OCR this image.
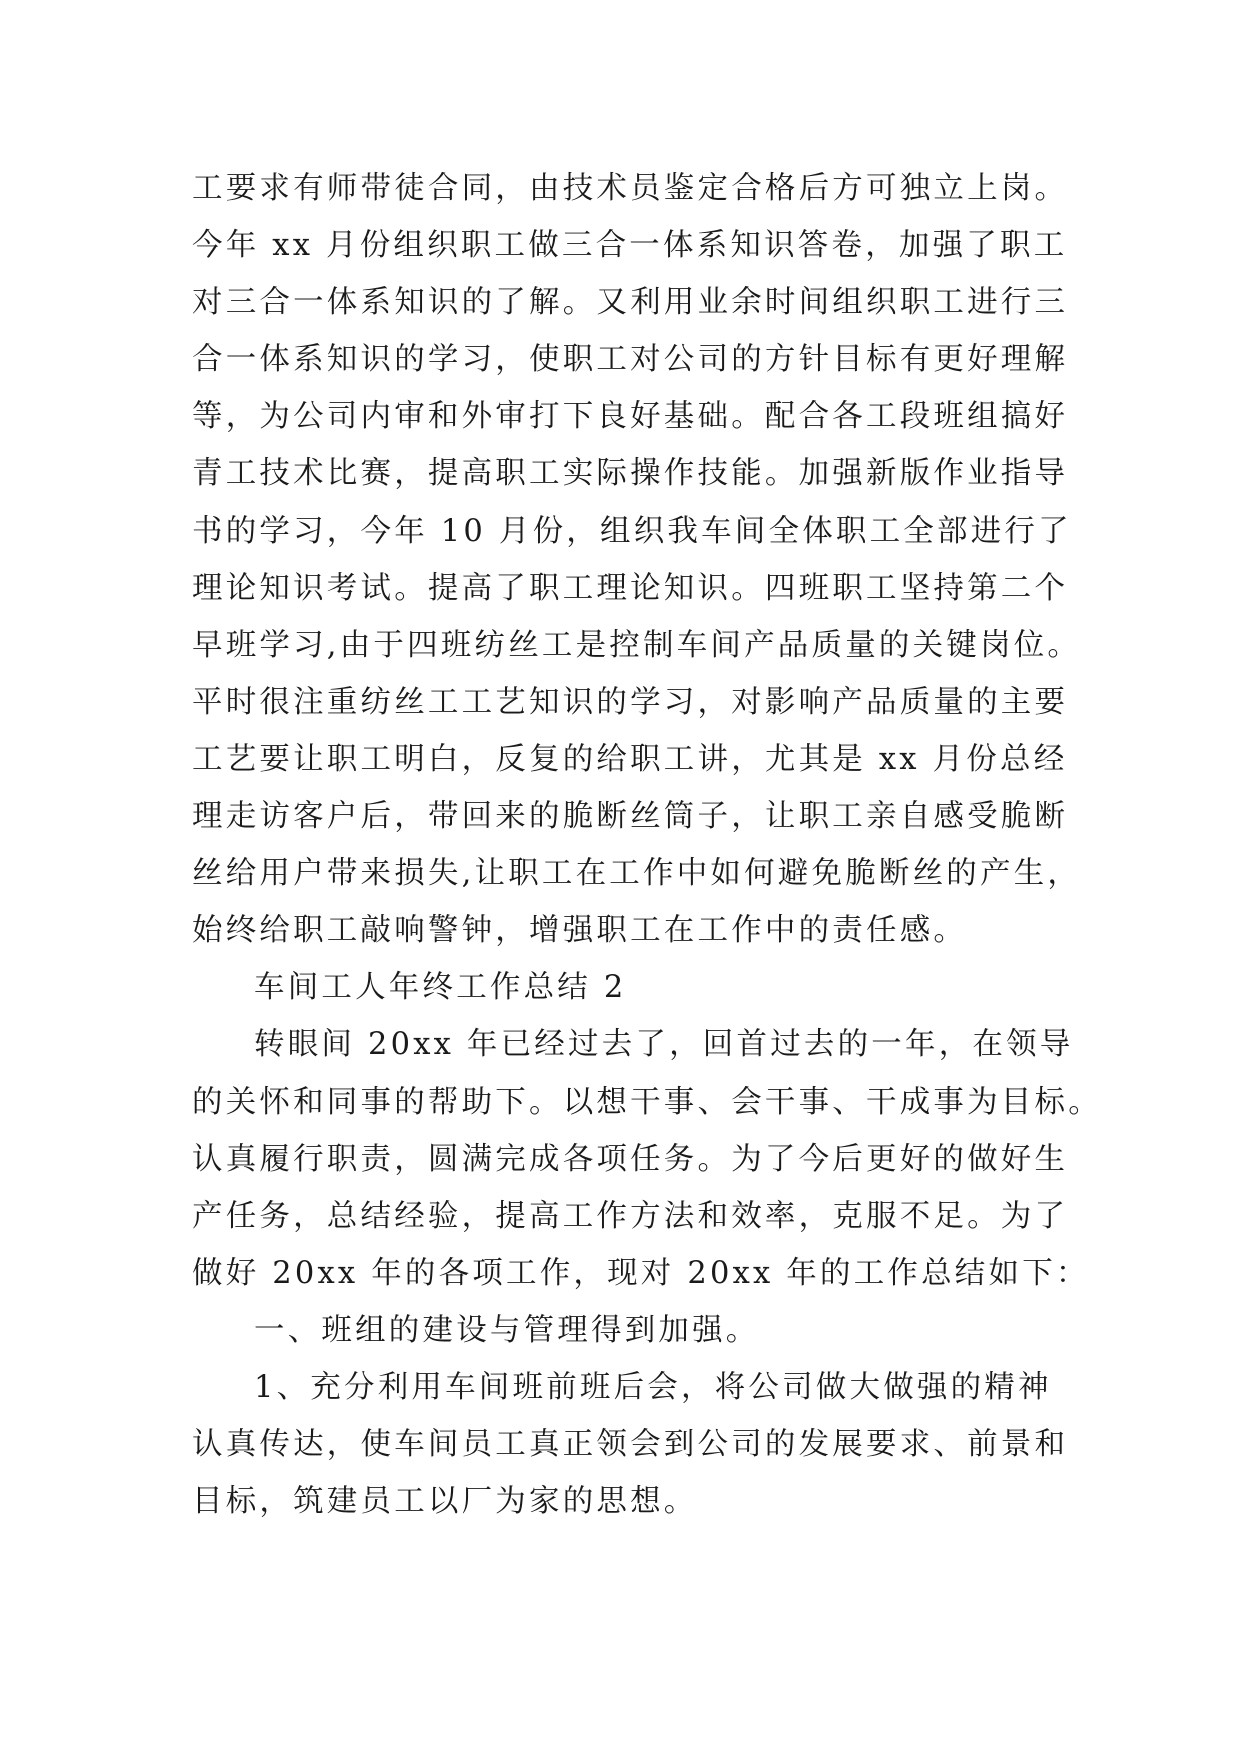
工要求有师带徒合同，由技术员鉴定合格后方可独立上岗。
今年 xx 月份组织职工做三合一体系知识答卷，加强了职工
对三合一体系知识的了解。又利用业余时间组织职工进行三
合一体系知识的学习，使职工对公司的方针目标有更好理解
等，为公司内审和外审打下良好基础。配合各工段班组搞好
青工技术比赛，提高职工实际操作技能。加强新版作业指导
书的学习，今年 10 月份，组织我车间全体职工全部进行了
理论知识考试。提高了职工理论知识。四班职工坚持第二个
早班学习,由于四班纺丝工是控制车间产品质量的关键岗位。
平时很注重纺丝工工艺知识的学习，对影响产品质量的主要
工艺要让职工明白，反复的给职工讲，尤其是 xx 月份总经
理走访客户后，带回来的脆断丝筒子，让职工亲自感受脆断
丝给用户带来损失,让职工在工作中如何避免脆断丝的产生，
始终给职工敲响警钟，增强职工在工作中的责任感。
车间工人年终工作总结 2
转眼间 20xx 年已经过去了，回首过去的一年，在领导
的关怀和同事的帮助下。以想干事、会干事、干成事为目标。
认真履行职责，圆满完成各项任务。为了今后更好的做好生
产任务，总结经验，提高工作方法和效率，克服不足。为了
做好 20xx 年的各项工作，现对 20xx 年的工作总结如下：
一、班组的建设与管理得到加强。
1、充分利用车间班前班后会，将公司做大做强的精神
认真传达，使车间员工真正领会到公司的发展要求、前景和
目标，筑建员工以厂为家的思想。
